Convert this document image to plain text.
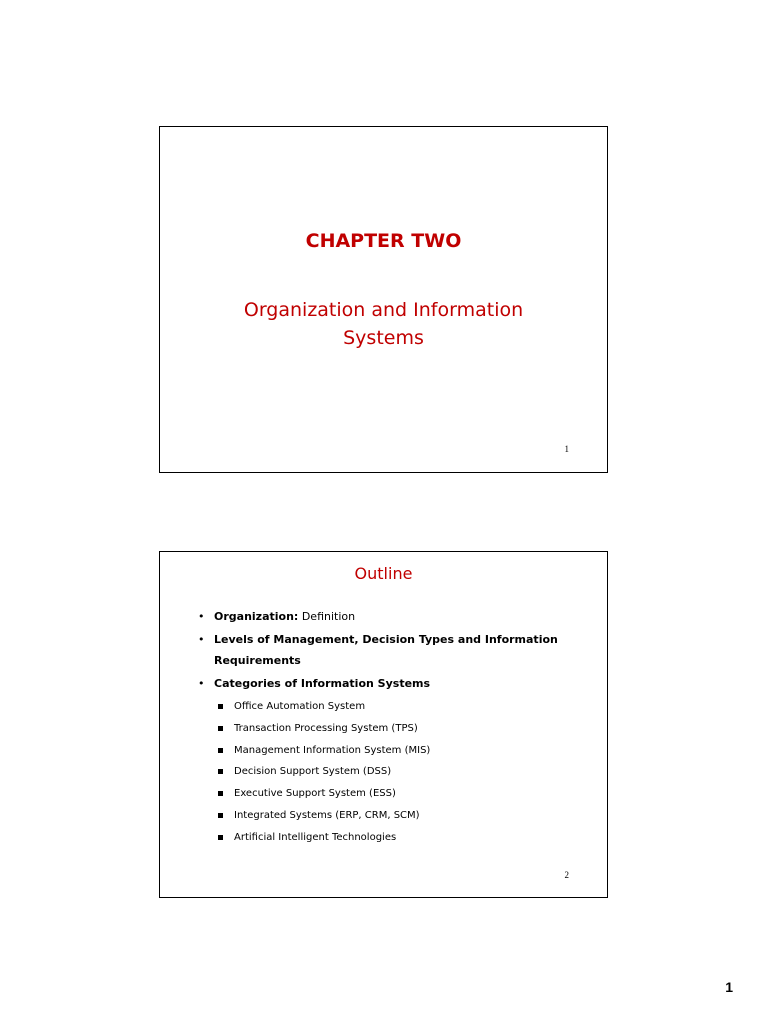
CHAPTER TWO
Organization and Information
Systems
1
Outline
• Organization: Definition
• Levels of Management, Decision Types and Information Requirements
• Categories of Information Systems
Office Automation System
Transaction Processing System (TPS)
Management Information System (MIS)
Decision Support System (DSS)
Executive Support System (ESS)
Integrated Systems (ERP, CRM, SCM)
Artificial Intelligent Technologies
2
1
